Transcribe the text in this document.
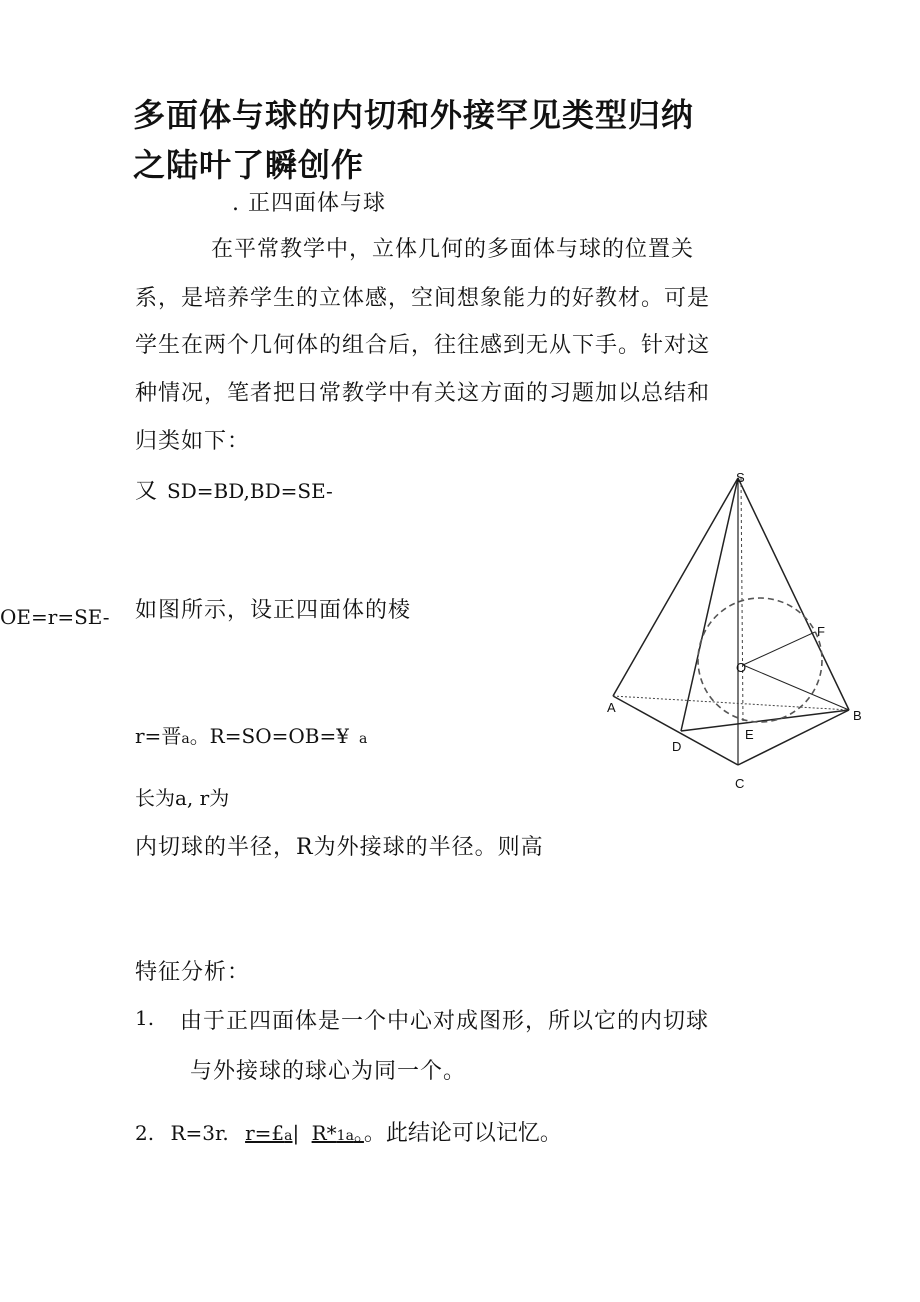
多面体与球的内切和外接罕见类型归纳
之陆叶了瞬创作
. 正四面体与球
在平常教学中，立体几何的多面体与球的位置关
系，是培养学生的立体感，空间想象能力的好教材。可是
学生在两个几何体的组合后，往往感到无从下手。针对这
种情况，笔者把日常教学中有关这方面的习题加以总结和
归类如下：
又 SD=BD,BD=SE-
OE=r=SE- 如图所示，设正四面体的棱
r=晋a。R=SO=OB=¥ a
长为a, r为
内切球的半径，R为外接球的半径。则高
特征分析：
1. 由于正四面体是一个中心对成图形，所以它的内切球
与外接球的球心为同一个。
2. R=3r. r=£a| R*1a。。此结论可以记忆。
S
A
B
C
D
E
F
O
